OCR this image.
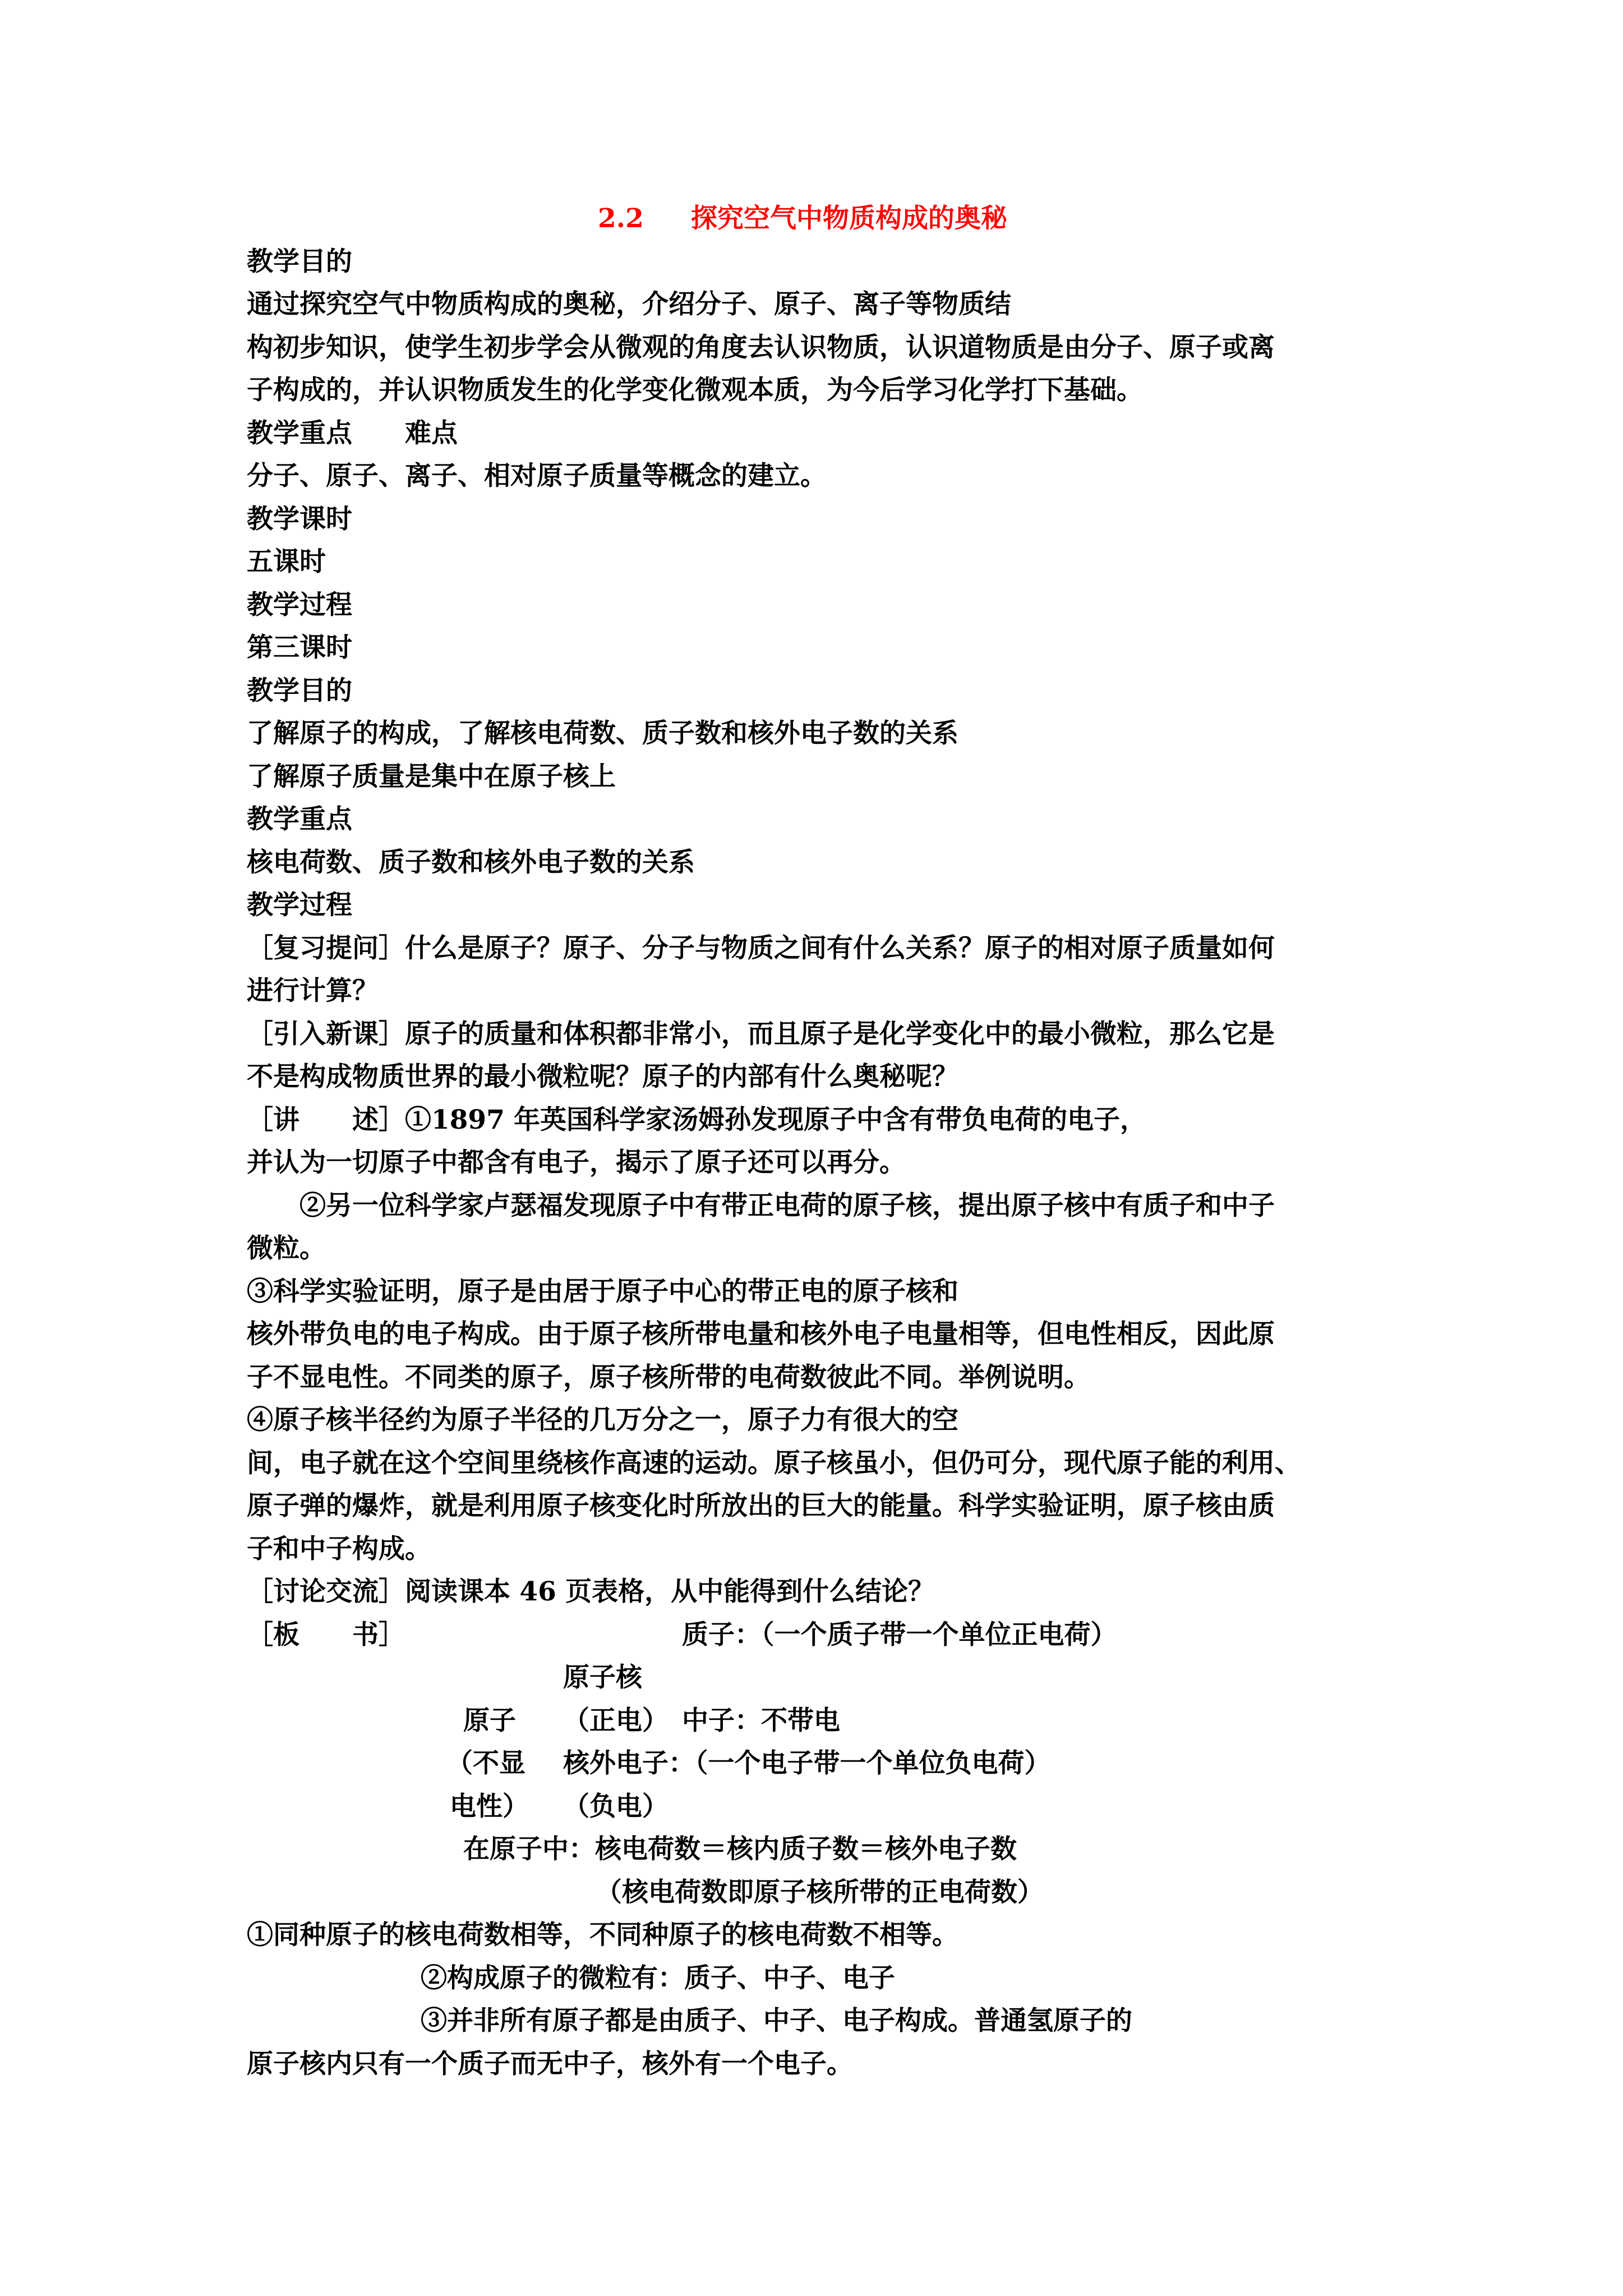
2.2 探究空气中物质构成的奥秘
教学目的
通过探究空气中物质构成的奥秘，介绍分子、原子、离子等物质结
构初步知识，使学生初步学会从微观的角度去认识物质，认识道物质是由分子、原子或离
子构成的，并认识物质发生的化学变化微观本质，为今后学习化学打下基础。
教学重点　　难点
分子、原子、离子、相对原子质量等概念的建立。
教学课时
五课时
教学过程
第三课时
教学目的
了解原子的构成，了解核电荷数、质子数和核外电子数的关系
了解原子质量是集中在原子核上
教学重点
核电荷数、质子数和核外电子数的关系
教学过程
［复习提问］什么是原子？原子、分子与物质之间有什么关系？原子的相对原子质量如何
进行计算？
［引入新课］原子的质量和体积都非常小，而且原子是化学变化中的最小微粒，那么它是
不是构成物质世界的最小微粒呢？原子的内部有什么奥秘呢？
［讲　　述］①1897 年英国科学家汤姆孙发现原子中含有带负电荷的电子，
并认为一切原子中都含有电子，揭示了原子还可以再分。
　　②另一位科学家卢瑟福发现原子中有带正电荷的原子核，提出原子核中有质子和中子
微粒。
③科学实验证明，原子是由居于原子中心的带正电的原子核和
核外带负电的电子构成。由于原子核所带电量和核外电子电量相等，但电性相反，因此原
子不显电性。不同类的原子，原子核所带的电荷数彼此不同。举例说明。
④原子核半径约为原子半径的几万分之一，原子力有很大的空
间，电子就在这个空间里绕核作高速的运动。原子核虽小，但仍可分，现代原子能的利用、
原子弹的爆炸，就是利用原子核变化时所放出的巨大的能量。科学实验证明，原子核由质
子和中子构成。
［讨论交流］阅读课本 46 页表格，从中能得到什么结论？
［板　　书］	质子：（一个质子带一个单位正电荷）
原子核
原子 （正电） 中子：不带电
（不显 核外电子：（一个电子带一个单位负电荷）
电性） （负电）
在原子中：核电荷数＝核内质子数＝核外电子数
（核电荷数即原子核所带的正电荷数）
①同种原子的核电荷数相等，不同种原子的核电荷数不相等。
②构成原子的微粒有：质子、中子、电子
③并非所有原子都是由质子、中子、电子构成。普通氢原子的
原子核内只有一个质子而无中子，核外有一个电子。
